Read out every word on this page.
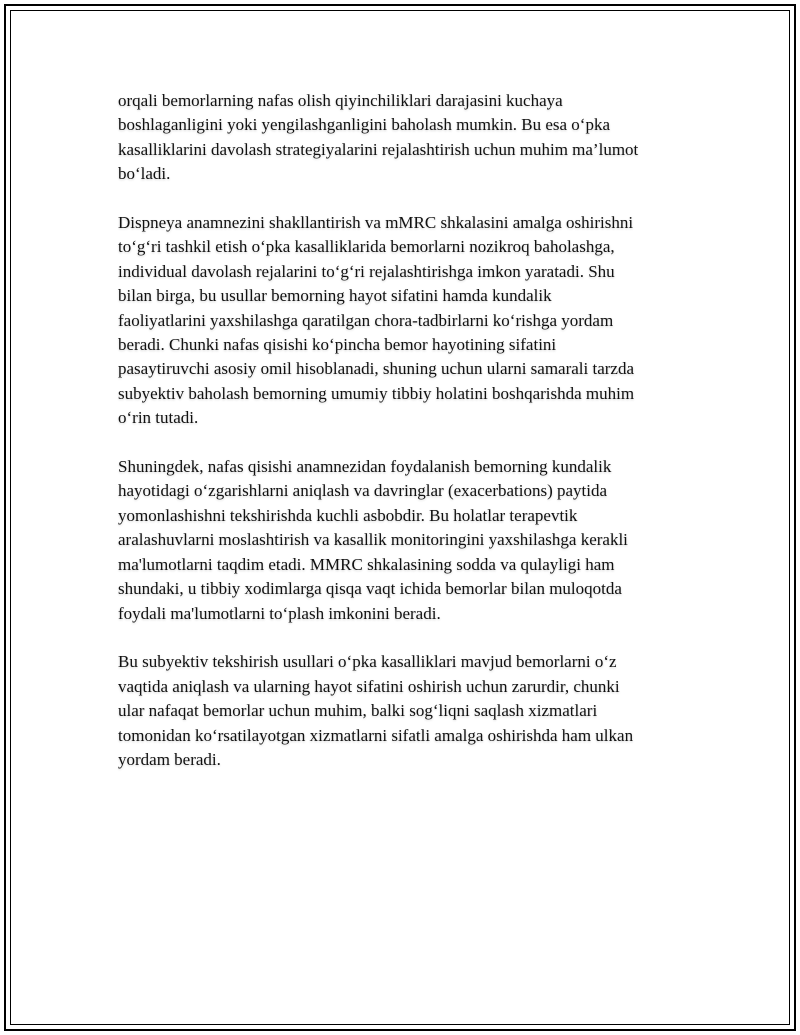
orqali bemorlarning nafas olish qiyinchiliklari darajasini kuchaya
boshlaganligini yoki yengilashganligini baholash mumkin. Bu esa o‘pka
kasalliklarini davolash strategiyalarini rejalashtirish uchun muhim ma’lumot
bo‘ladi.

Dispneya anamnezini shakllantirish va mMRC shkalasini amalga oshirishni
to‘g‘ri tashkil etish o‘pka kasalliklarida bemorlarni nozikroq baholashga,
individual davolash rejalarini to‘g‘ri rejalashtirishga imkon yaratadi. Shu
bilan birga, bu usullar bemorning hayot sifatini hamda kundalik
faoliyatlarini yaxshilashga qaratilgan chora-tadbirlarni ko‘rishga yordam
beradi. Chunki nafas qisishi ko‘pincha bemor hayotining sifatini
pasaytiruvchi asosiy omil hisoblanadi, shuning uchun ularni samarali tarzda
subyektiv baholash bemorning umumiy tibbiy holatini boshqarishda muhim
o‘rin tutadi.

Shuningdek, nafas qisishi anamnezidan foydalanish bemorning kundalik
hayotidagi o‘zgarishlarni aniqlash va davringlar (exacerbations) paytida
yomonlashishni tekshirishda kuchli asbobdir. Bu holatlar terapevtik
aralashuvlarni moslashtirish va kasallik monitoringini yaxshilashga kerakli
ma'lumotlarni taqdim etadi. MMRC shkalasining sodda va qulayligi ham
shundaki, u tibbiy xodimlarga qisqa vaqt ichida bemorlar bilan muloqotda
foydali ma'lumotlarni to‘plash imkonini beradi.

Bu subyektiv tekshirish usullari o‘pka kasalliklari mavjud bemorlarni o‘z
vaqtida aniqlash va ularning hayot sifatini oshirish uchun zarurdir, chunki
ular nafaqat bemorlar uchun muhim, balki sog‘liqni saqlash xizmatlari
tomonidan ko‘rsatilayotgan xizmatlarni sifatli amalga oshirishda ham ulkan
yordam beradi.
